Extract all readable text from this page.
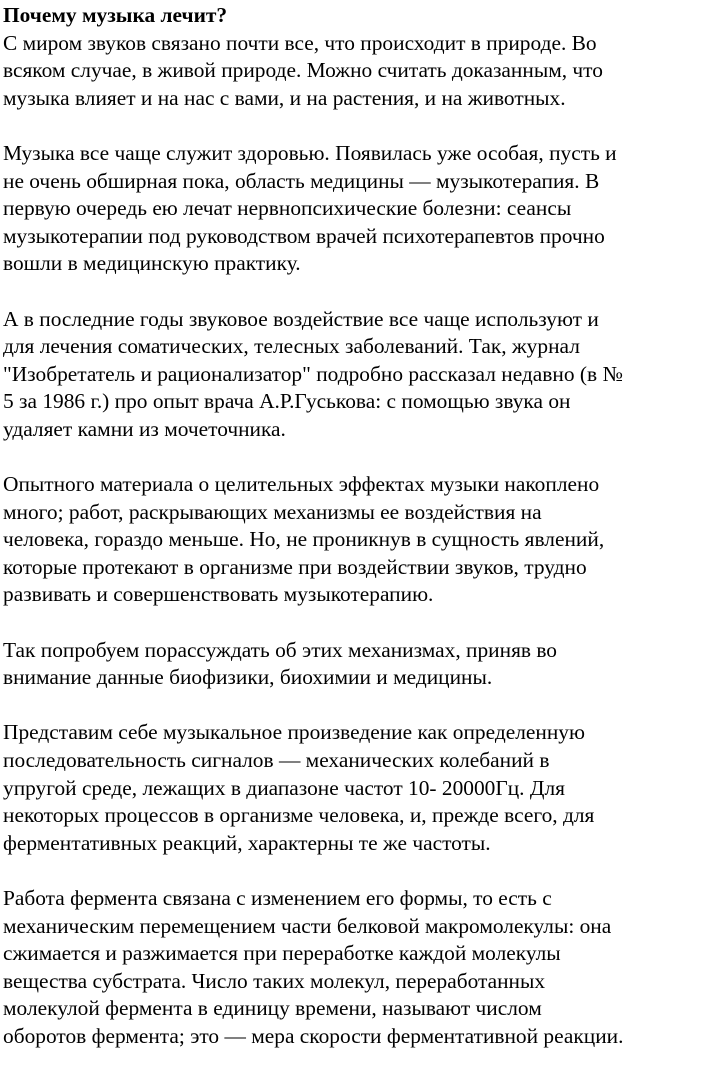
Почему музыка лечит?
С миром звуков связано почти все, что происходит в природе. Во
всяком случае, в живой природе. Можно считать доказанным, что
музыка влияет и на нас с вами, и на растения, и на животных.
Музыка все чаще служит здоровью. Появилась уже особая, пусть и
не очень обширная пока, область медицины — музыкотерапия. В
первую очередь ею лечат нервнопсихические болезни: сеансы
музыкотерапии под руководством врачей психотерапевтов прочно
вошли в медицинскую практику.
А в последние годы звуковое воздействие все чаще используют и
для лечения соматических, телесных заболеваний. Так, журнал
"Изобретатель и рационализатор" подробно рассказал недавно (в №
5 за 1986 г.) про опыт врача А.Р.Гуськова: с помощью звука он
удаляет камни из мочеточника.
Опытного материала о целительных эффектах музыки накоплено
много; работ, раскрывающих механизмы ее воздействия на
человека, гораздо меньше. Но, не проникнув в сущность явлений,
которые протекают в организме при воздействии звуков, трудно
развивать и совершенствовать музыкотерапию.
Так попробуем порассуждать об этих механизмах, приняв во
внимание данные биофизики, биохимии и медицины.
Представим себе музыкальное произведение как определенную
последовательность сигналов — механических колебаний в
упругой среде, лежащих в диапазоне частот 10- 20000Гц. Для
некоторых процессов в организме человека, и, прежде всего, для
ферментативных реакций, характерны те же частоты.
Работа фермента связана с изменением его формы, то есть с
механическим перемещением части белковой макромолекулы: она
сжимается и разжимается при переработке каждой молекулы
вещества субстрата. Число таких молекул, переработанных
молекулой фермента в единицу времени, называют числом
оборотов фермента; это — мера скорости ферментативной реакции.
